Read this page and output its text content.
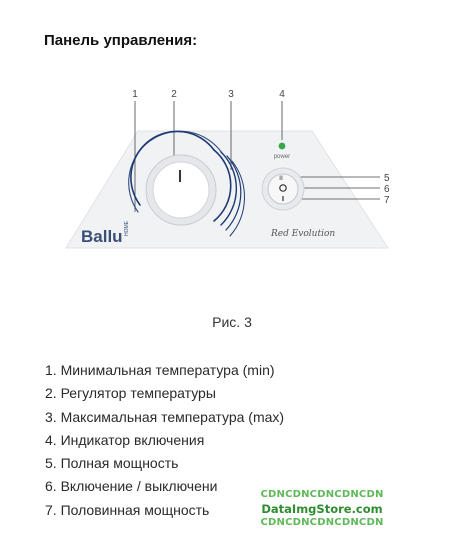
Панель управления:
1	2	3	4
5
6
7
Ballu HOME	Red Evolution
power
II
Рис. 3
1. Минимальная температура (min)
2. Регулятор температуры
3. Максимальная температура (max)
4. Индикатор включения
5. Полная мощность
6. Включение / выключени
7. Половинная мощность
CDNCDNCDNCDNCDN
DataImgStore.com
CDNCDNCDNCDNCDN
